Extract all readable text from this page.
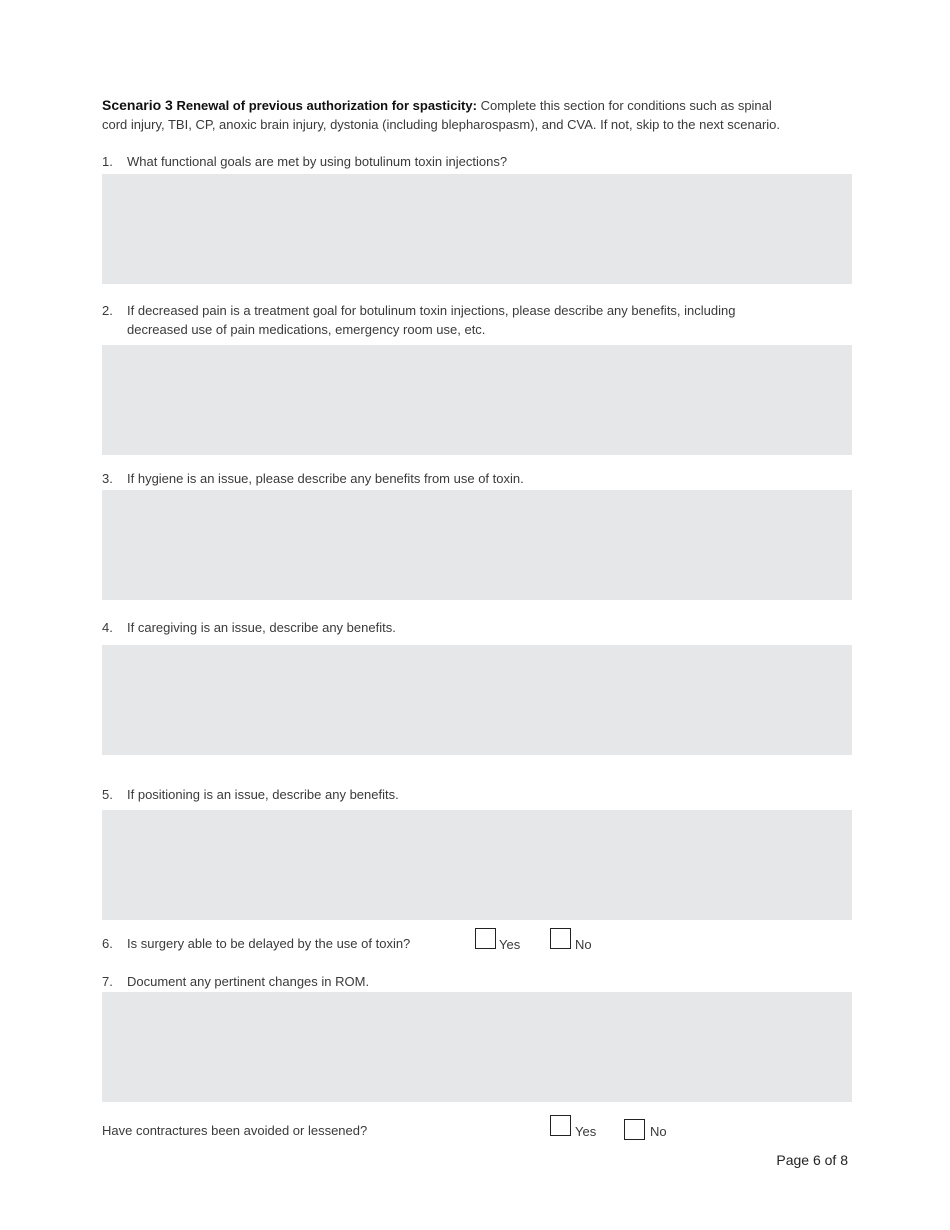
Scenario 3 Renewal of previous authorization for spasticity: Complete this section for conditions such as spinal
cord injury, TBI, CP, anoxic brain injury, dystonia (including blepharospasm), and CVA. If not, skip to the next scenario.
1. What functional goals are met by using botulinum toxin injections?
2. If decreased pain is a treatment goal for botulinum toxin injections, please describe any benefits, including
decreased use of pain medications, emergency room use, etc.
3. If hygiene is an issue, please describe any benefits from use of toxin.
4. If caregiving is an issue, describe any benefits.
5. If positioning is an issue, describe any benefits.
6. Is surgery able to be delayed by the use of toxin?	Yes	No
7. Document any pertinent changes in ROM.
Have contractures been avoided or lessened?	Yes	No
Page 6 of 8
